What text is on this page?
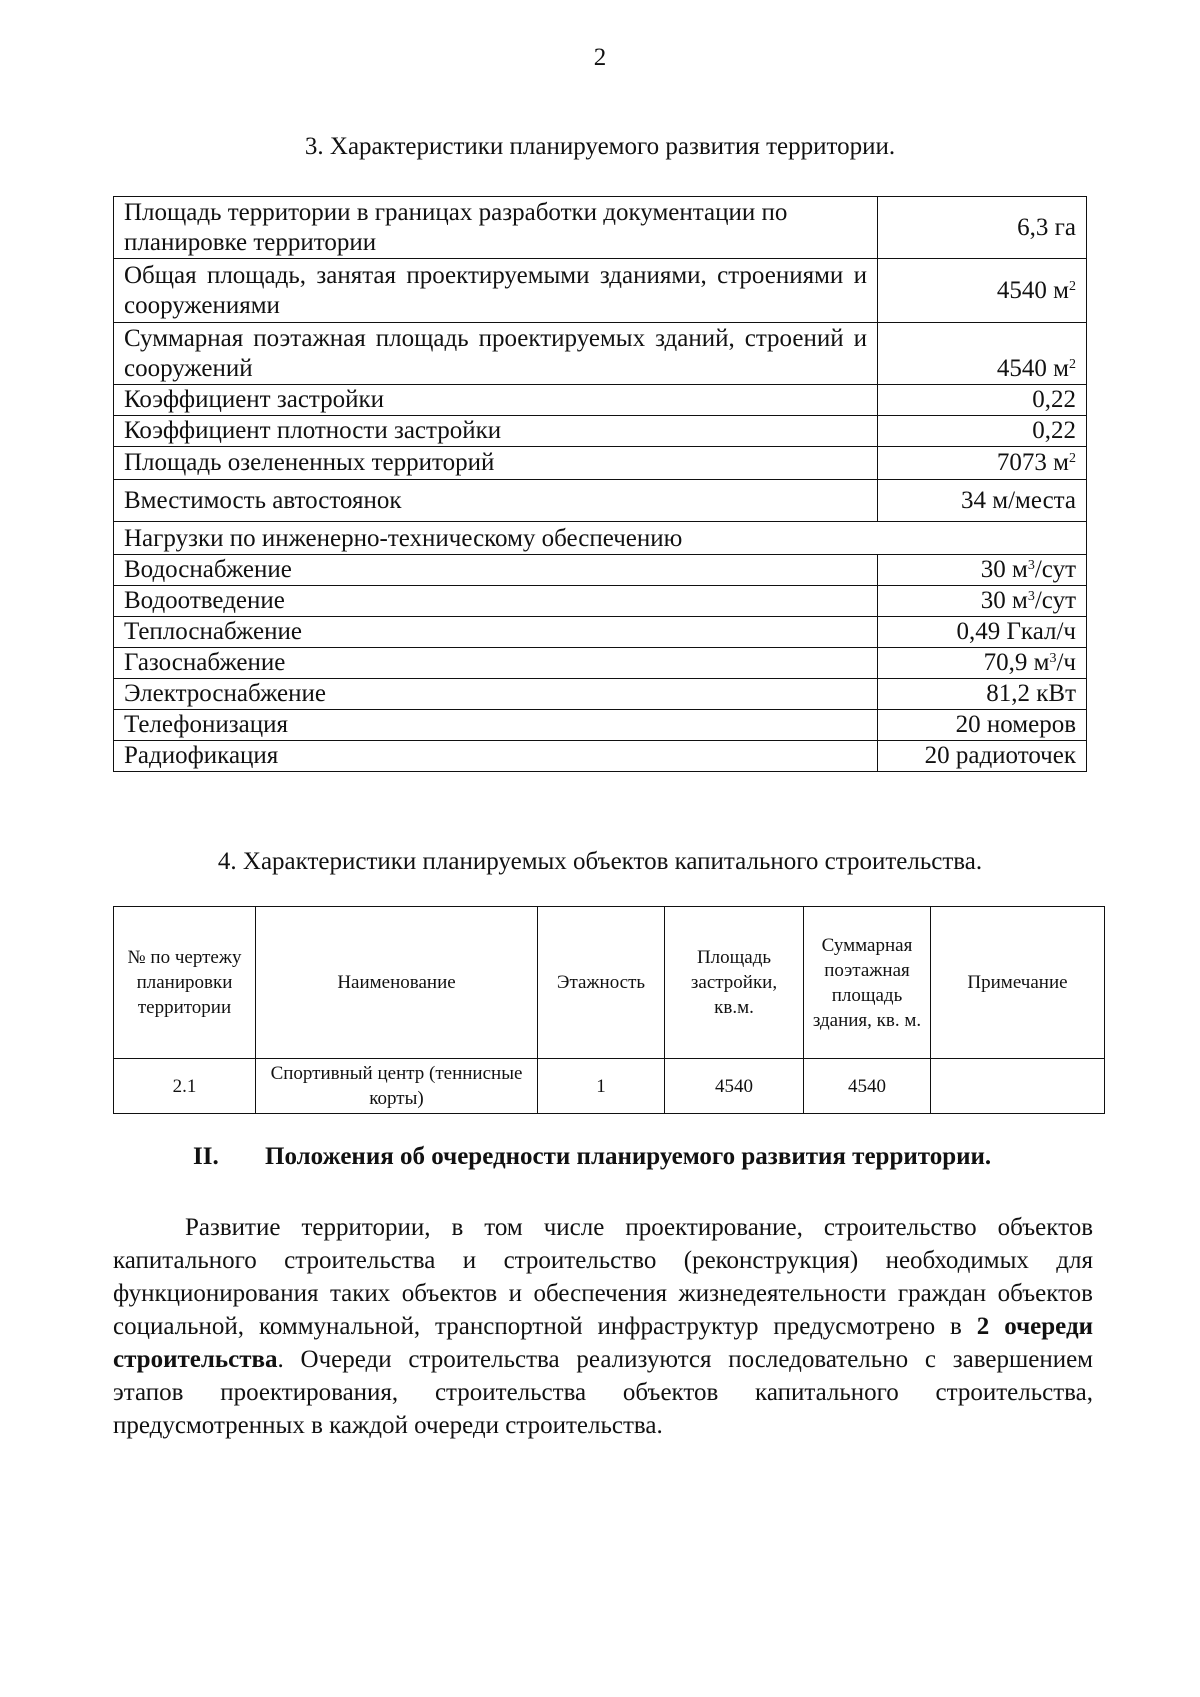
2
3. Характеристики планируемого развития территории.
Площадь территории в границах разработки документации по планировке территории	6,3 га
Общая площадь, занятая проектируемыми зданиями, строениями и сооружениями	4540 $м^2$
Суммарная поэтажная площадь проектируемых зданий, строений и сооружений	4540 $м^2$
Коэффициент застройки	0,22
Коэффициент плотности застройки	0,22
Площадь озелененных территорий	7073 $м^2$
Вместимость автостоянок	34 м/места
Нагрузки по инженерно-техническому обеспечению	
Водоснабжение	30 $м^3$/сут
Водоотведение	30 $м^3$/сут
Теплоснабжение	0,49 Гкал/ч
Газоснабжение	70,9 $м^3/ч$
Электроснабжение	81,2 кВт
Телефонизация	20 номеров
Радиофикация	20 радиоточек
4. Характеристики планируемых объектов капитального строительства.
№ по чертежу планировки территории	Наименование	Этажность	Площадь застройки, кв.м.	Суммарная поэтажная площадь здания, кв. м.	Примечание
2.1	Спортивный центр (теннисные корты)	1	4540	4540	
II. Положения об очередности планируемого развития территории.
Развитие территории, в том числе проектирование, строительство объектов капитального строительства и строительство (реконструкция) необходимых для функционирования таких объектов и обеспечения жизнедеятельности граждан объектов социальной, коммунальной, транспортной инфраструктур предусмотрено в 2 очереди строительства. Очереди строительства реализуются последовательно с завершением этапов проектирования, строительства объектов капитального строительства, предусмотренных в каждой очереди строительства.
